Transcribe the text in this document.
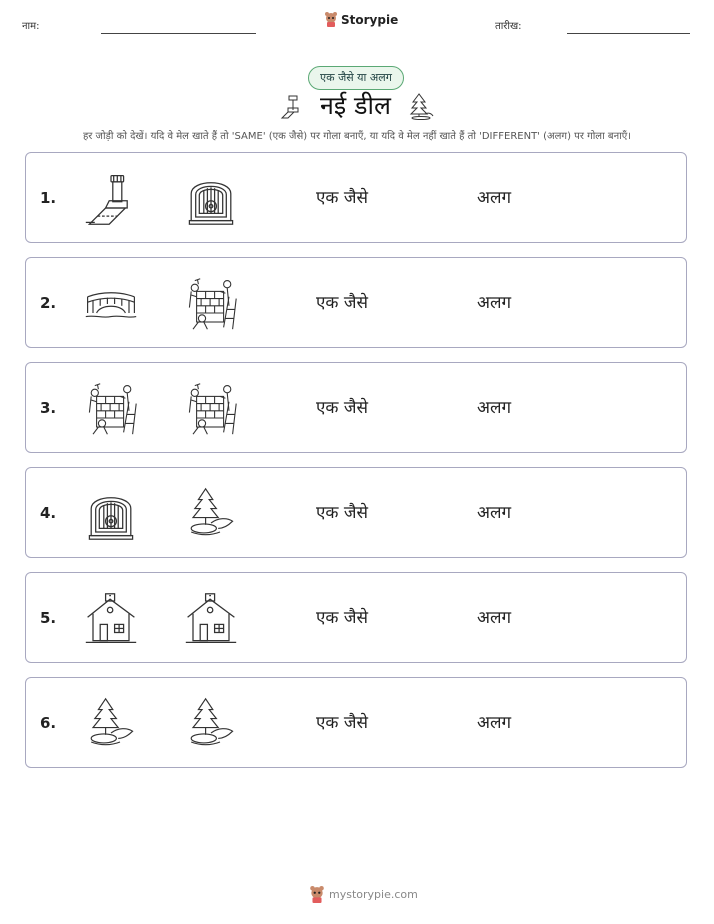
नाम:	Storypie	तारीख:
एक जैसे या अलग
नई डील
हर जोड़ी को देखें। यदि वे मेल खाते हैं तो 'SAME' (एक जैसे) पर गोला बनाएँ, या यदि वे मेल नहीं खाते हैं तो 'DIFFERENT' (अलग) पर गोला बनाएँ।
1.	एक जैसे	अलग
2.	एक जैसे	अलग
3.	एक जैसे	अलग
4.	एक जैसे	अलग
5.	एक जैसे	अलग
6.	एक जैसे	अलग
mystorypie.com
